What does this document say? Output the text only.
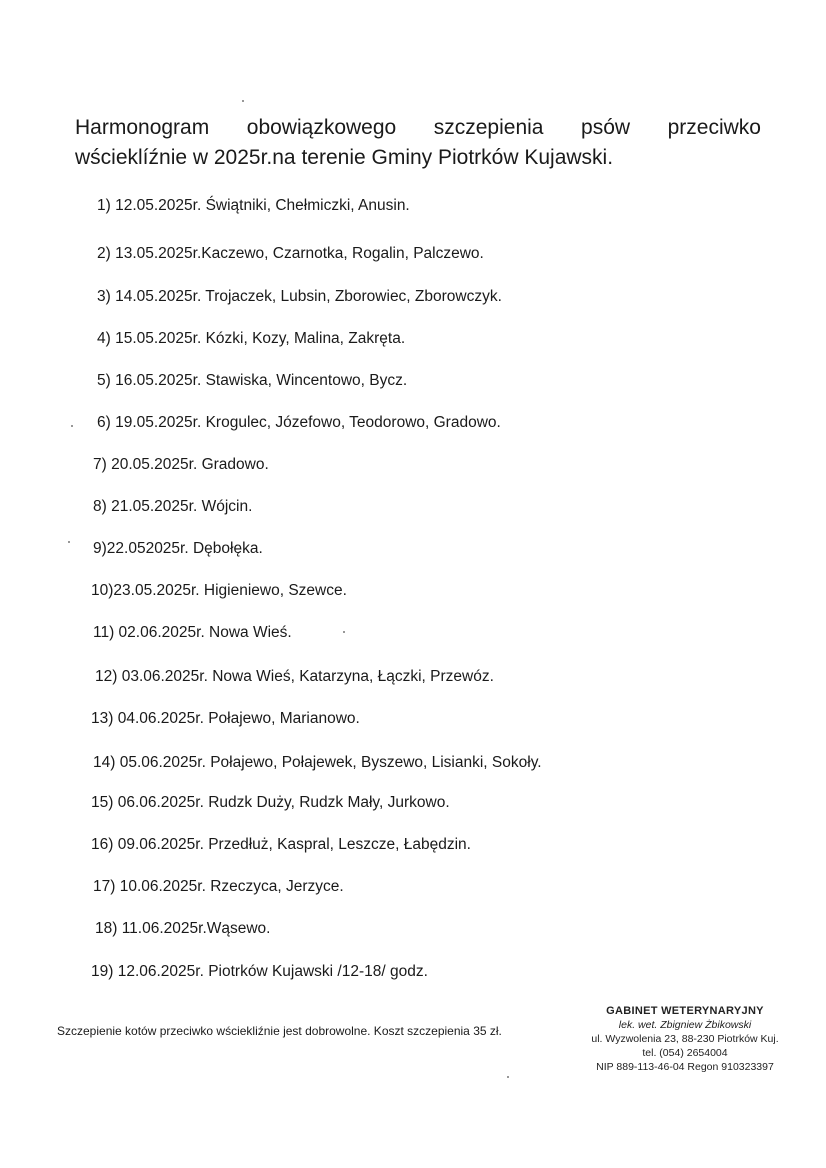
Harmonogram obowiązkowego szczepienia psów przeciwko
wścieklíźnie w 2025r.na terenie Gminy Piotrków Kujawski.
1) 12.05.2025r. Świątniki, Chełmiczki, Anusin.
2) 13.05.2025r.Kaczewo, Czarnotka, Rogalin, Palczewo.
3) 14.05.2025r. Trojaczek, Lubsin, Zborowiec, Zborowczyk.
4) 15.05.2025r. Kózki, Kozy, Malina, Zakręta.
5) 16.05.2025r. Stawiska, Wincentowo, Bycz.
6) 19.05.2025r. Krogulec, Józefowo, Teodorowo, Gradowo.
7) 20.05.2025r. Gradowo.
8) 21.05.2025r. Wójcin.
9)22.052025r. Dębołęka.
10)23.05.2025r. Higieniewo, Szewce.
11) 02.06.2025r. Nowa Wieś.
12) 03.06.2025r. Nowa Wieś, Katarzyna, Łączki, Przewóz.
13) 04.06.2025r. Połajewo, Marianowo.
14) 05.06.2025r. Połajewo, Połajewek, Byszewo, Lisianki, Sokoły.
15) 06.06.2025r. Rudzk Duży, Rudzk Mały, Jurkowo.
16) 09.06.2025r. Przedłuż, Kaspral, Leszcze, Łabędzin.
17) 10.06.2025r. Rzeczyca, Jerzyce.
18) 11.06.2025r.Wąsewo.
19) 12.06.2025r. Piotrków Kujawski /12-18/ godz.
Szczepienie kotów przeciwko wściekliźnie jest dobrowolne. Koszt szczepienia 35 zł.
GABINET WETERYNARYJNY
lek. wet. Zbigniew Żbikowski
ul. Wyzwolenia 23, 88-230 Piotrków Kuj.
tel. (054) 2654004
NIP 889-113-46-04 Regon 910323397
